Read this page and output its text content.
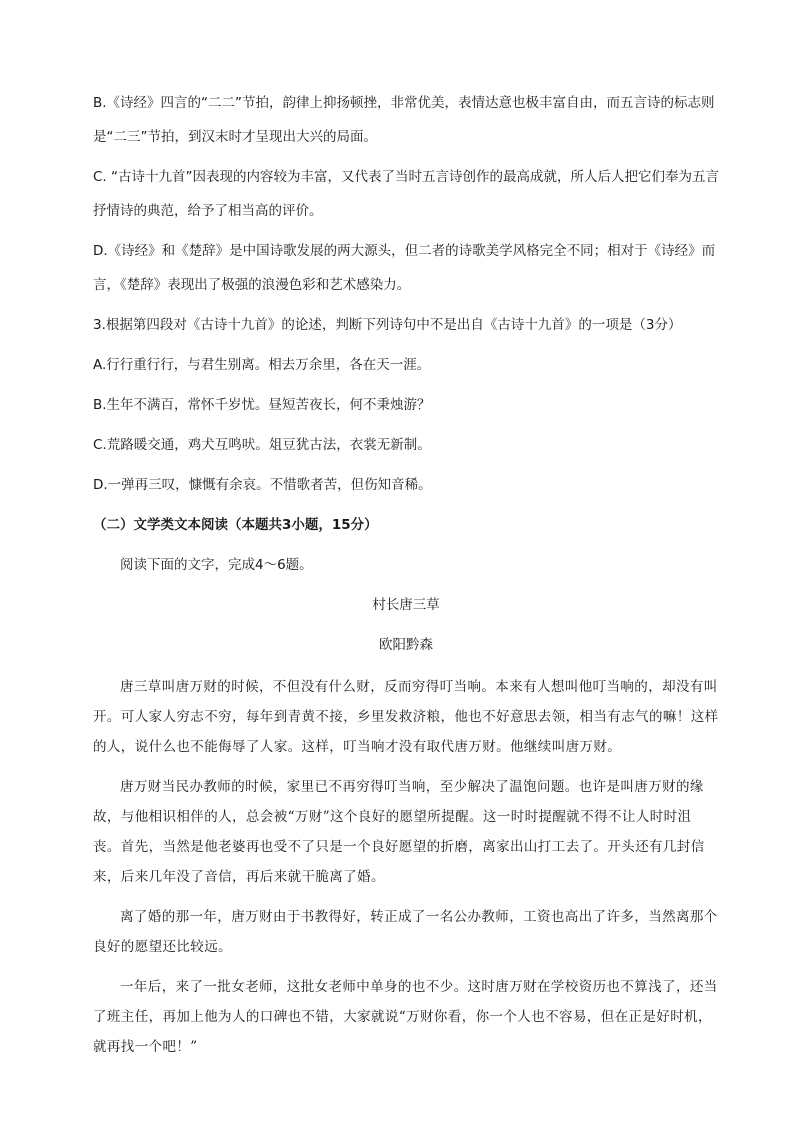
B.《诗经》四言的“二二”节拍，韵律上抑扬顿挫，非常优美，表情达意也极丰富自由，而五言诗的标志则是“二三”节拍，到汉末时才呈现出大兴的局面。

C. “古诗十九首”因表现的内容较为丰富，又代表了当时五言诗创作的最高成就，所人后人把它们奉为五言抒情诗的典范，给予了相当高的评价。

D.《诗经》和《楚辞》是中国诗歌发展的两大源头，但二者的诗歌美学风格完全不同；相对于《诗经》而言，《楚辞》表现出了极强的浪漫色彩和艺术感染力。

3.根据第四段对《古诗十九首》的论述，判断下列诗句中不是出自《古诗十九首》的一项是（3分）

A.行行重行行，与君生别离。相去万余里，各在天一涯。

B.生年不满百，常怀千岁忧。昼短苦夜长，何不秉烛游？

C.荒路暖交通，鸡犬互鸣吠。俎豆犹古法，衣裳无新制。

D.一弹再三叹，慷慨有余哀。不惜歌者苦，但伤知音稀。

（二）文学类文本阅读（本题共3小题，15分）

阅读下面的文字，完成4～6题。

村长唐三草

欧阳黔森

唐三草叫唐万财的时候，不但没有什么财，反而穷得叮当响。本来有人想叫他叮当响的，却没有叫开。可人家人穷志不穷，每年到青黄不接，乡里发救济粮，他也不好意思去领，相当有志气的嘛！这样的人，说什么也不能侮辱了人家。这样，叮当响才没有取代唐万财。他继续叫唐万财。

唐万财当民办教师的时候，家里已不再穷得叮当响，至少解决了温饱问题。也许是叫唐万财的缘故，与他相识相伴的人，总会被“万财”这个良好的愿望所提醒。这一时时提醒就不得不让人时时沮丧。首先，当然是他老婆再也受不了只是一个良好愿望的折磨，离家出山打工去了。开头还有几封信来，后来几年没了音信，再后来就干脆离了婚。

离了婚的那一年，唐万财由于书教得好，转正成了一名公办教师，工资也高出了许多，当然离那个良好的愿望还比较远。

一年后，来了一批女老师，这批女老师中单身的也不少。这时唐万财在学校资历也不算浅了，还当了班主任，再加上他为人的口碑也不错，大家就说“万财你看，你一个人也不容易，但在正是好时机，就再找一个吧！”
